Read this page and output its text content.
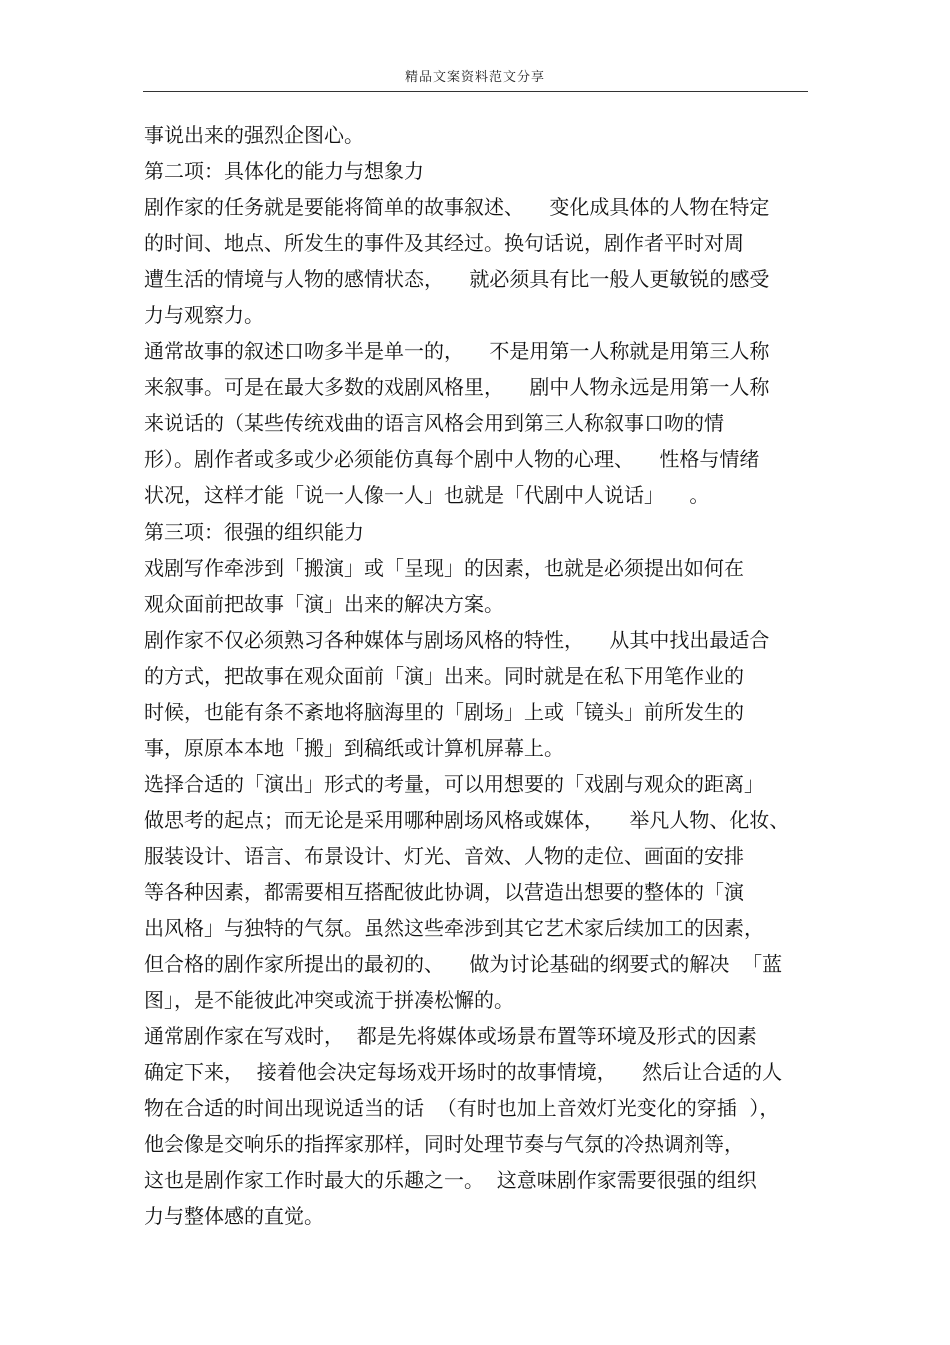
精品文案资料范文分享
事说出来的强烈企图心。
第二项：具体化的能力与想象力
剧作家的任务就是要能将简单的故事叙述、    变化成具体的人物在特定
的时间、地点、所发生的事件及其经过。换句话说，剧作者平时对周
遭生活的情境与人物的感情状态，    就必须具有比一般人更敏锐的感受
力与观察力。
通常故事的叙述口吻多半是单一的，    不是用第一人称就是用第三人称
来叙事。可是在最大多数的戏剧风格里，    剧中人物永远是用第一人称
来说话的（某些传统戏曲的语言风格会用到第三人称叙事口吻的情
形）。剧作者或多或少必须能仿真每个剧中人物的心理、    性格与情绪
状况，这样才能「说一人像一人」也就是「代剧中人说话」    。
第三项：很强的组织能力
戏剧写作牵涉到「搬演」或「呈现」的因素，也就是必须提出如何在
观众面前把故事「演」出来的解决方案。
剧作家不仅必须熟习各种媒体与剧场风格的特性，    从其中找出最适合
的方式，把故事在观众面前「演」出来。同时就是在私下用笔作业的
时候，也能有条不紊地将脑海里的「剧场」上或「镜头」前所发生的
事，原原本本地「搬」到稿纸或计算机屏幕上。
选择合适的「演出」形式的考量，可以用想要的「戏剧与观众的距离」
做思考的起点；而无论是采用哪种剧场风格或媒体，    举凡人物、化妆、
服装设计、语言、布景设计、灯光、音效、人物的走位、画面的安排
等各种因素，都需要相互搭配彼此协调，以营造出想要的整体的「演
出风格」与独特的气氛。虽然这些牵涉到其它艺术家后续加工的因素，
但合格的剧作家所提出的最初的、    做为讨论基础的纲要式的解决  「蓝
图」，是不能彼此冲突或流于拼凑松懈的。
通常剧作家在写戏时，  都是先将媒体或场景布置等环境及形式的因素
确定下来，  接着他会决定每场戏开场时的故事情境，    然后让合适的人
物在合适的时间出现说适当的话  （有时也加上音效灯光变化的穿插  ），
他会像是交响乐的指挥家那样，同时处理节奏与气氛的冷热调剂等，
这也是剧作家工作时最大的乐趣之一。  这意味剧作家需要很强的组织
力与整体感的直觉。
